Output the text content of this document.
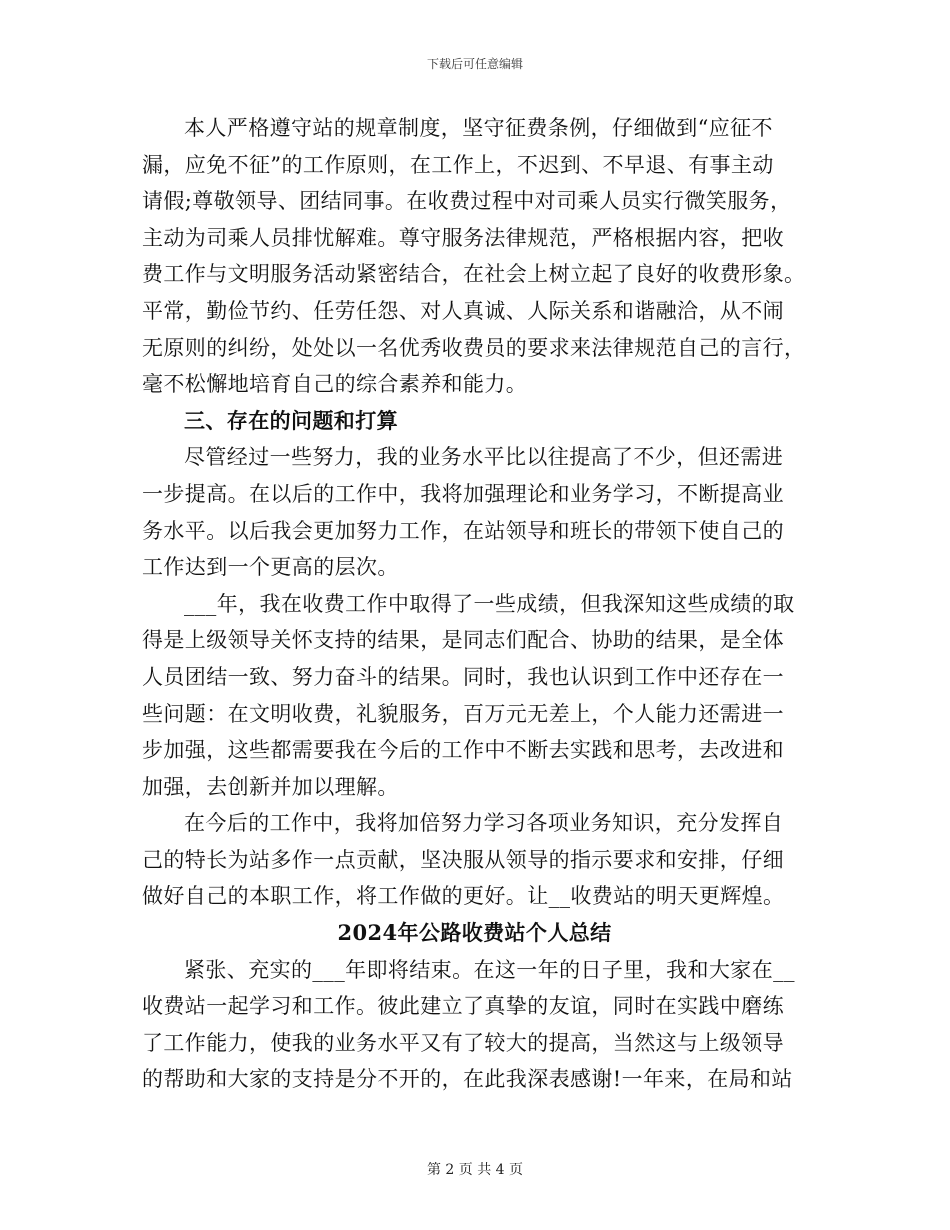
下载后可任意编辑
本人严格遵守站的规章制度，坚守征费条例，仔细做到“应征不
漏，应免不征”的工作原则，在工作上，不迟到、不早退、有事主动
请假;尊敬领导、团结同事。在收费过程中对司乘人员实行微笑服务，
主动为司乘人员排忧解难。尊守服务法律规范，严格根据内容，把收
费工作与文明服务活动紧密结合，在社会上树立起了良好的收费形象。
平常，勤俭节约、任劳任怨、对人真诚、人际关系和谐融洽，从不闹
无原则的纠纷，处处以一名优秀收费员的要求来法律规范自己的言行，
毫不松懈地培育自己的综合素养和能力。
三、存在的问题和打算
尽管经过一些努力，我的业务水平比以往提高了不少，但还需进
一步提高。在以后的工作中，我将加强理论和业务学习，不断提高业
务水平。以后我会更加努力工作，在站领导和班长的带领下使自己的
工作达到一个更高的层次。
___年，我在收费工作中取得了一些成绩，但我深知这些成绩的取
得是上级领导关怀支持的结果，是同志们配合、协助的结果，是全体
人员团结一致、努力奋斗的结果。同时，我也认识到工作中还存在一
些问题：在文明收费，礼貌服务，百万元无差上，个人能力还需进一
步加强，这些都需要我在今后的工作中不断去实践和思考，去改进和
加强，去创新并加以理解。
在今后的工作中，我将加倍努力学习各项业务知识，充分发挥自
己的特长为站多作一点贡献，坚决服从领导的指示要求和安排，仔细
做好自己的本职工作，将工作做的更好。让__收费站的明天更辉煌。
2024年公路收费站个人总结
紧张、充实的___年即将结束。在这一年的日子里，我和大家在__
收费站一起学习和工作。彼此建立了真挚的友谊，同时在实践中磨练
了工作能力，使我的业务水平又有了较大的提高，当然这与上级领导
的帮助和大家的支持是分不开的，在此我深表感谢!一年来，在局和站
第 2 页 共 4 页
